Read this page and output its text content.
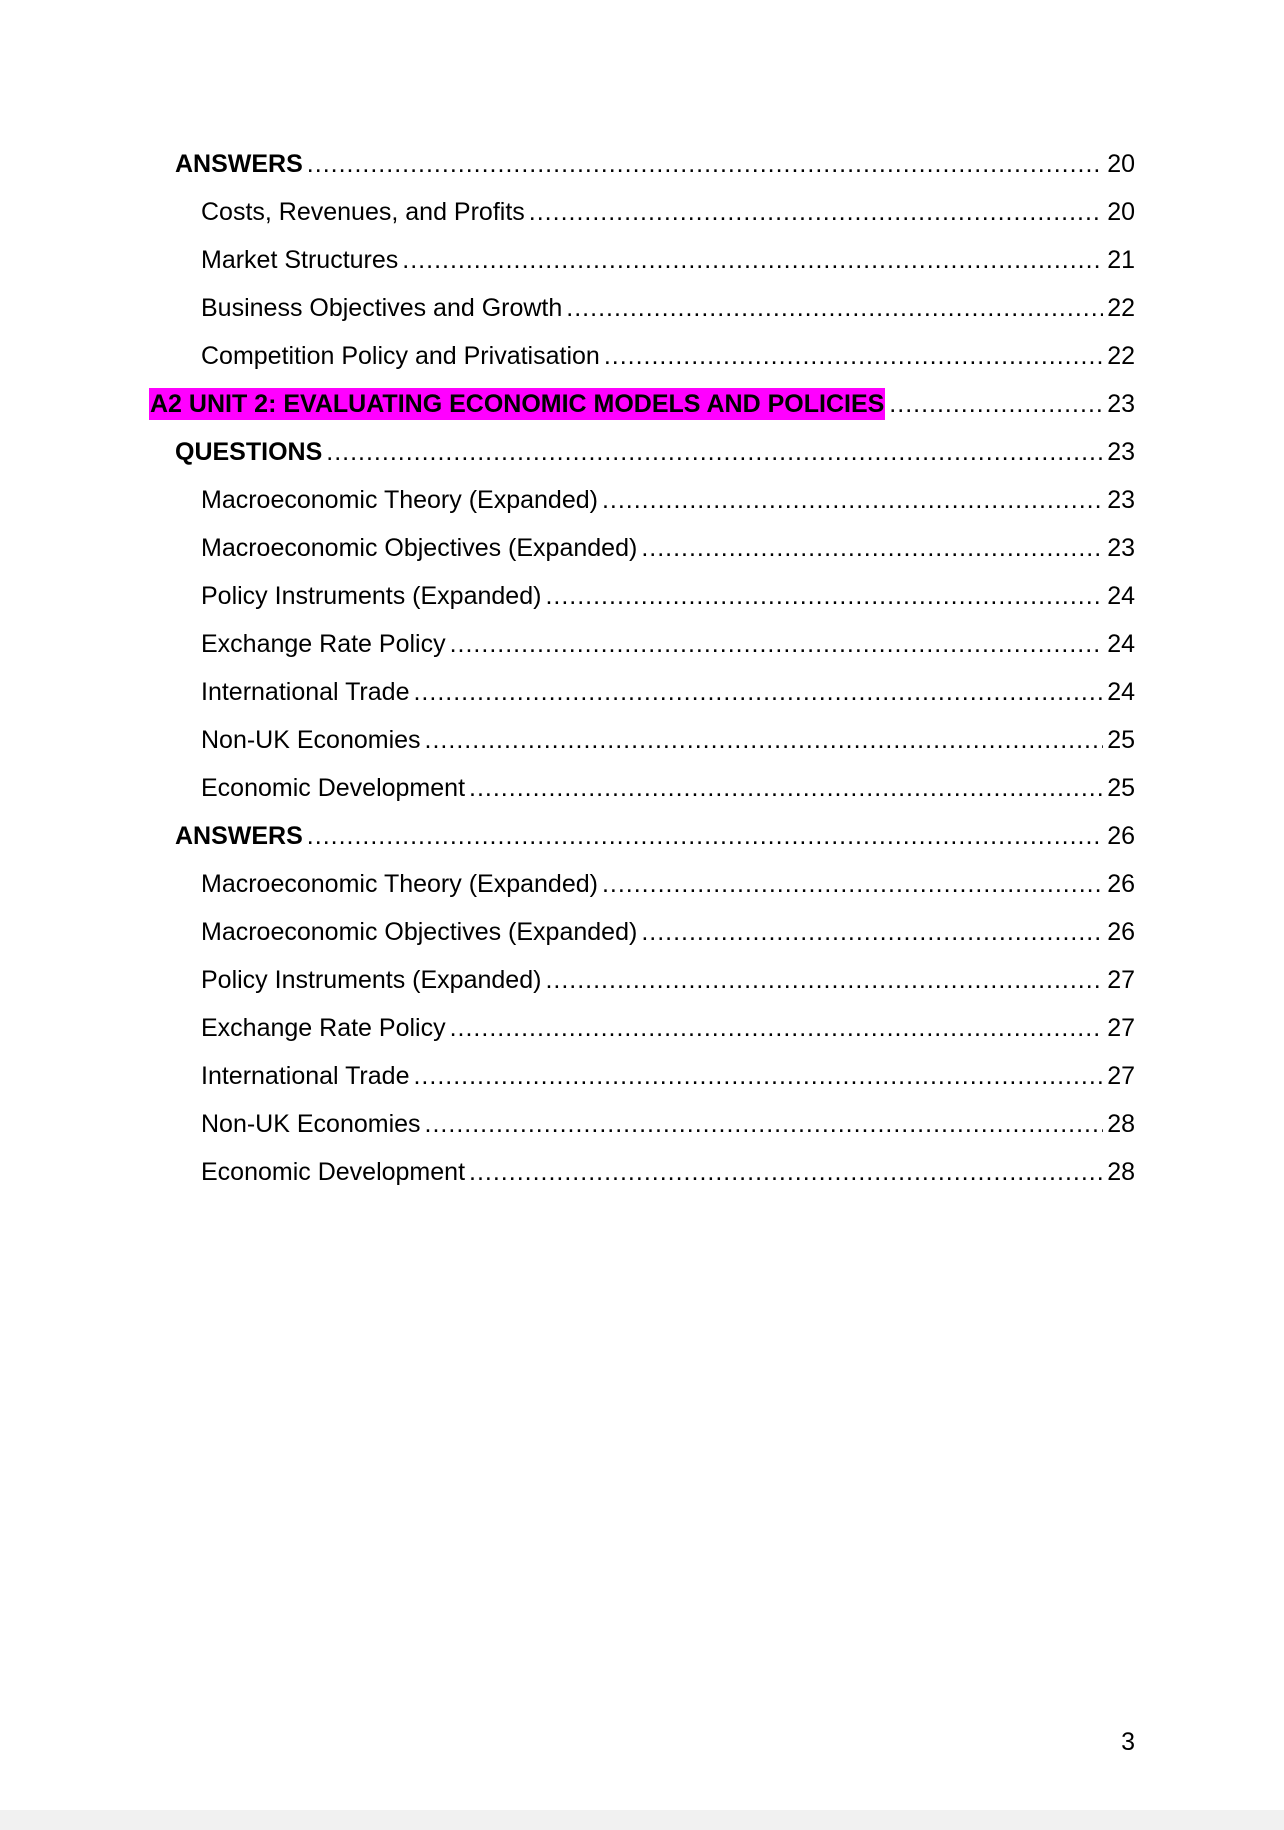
ANSWERS .....	20
Costs, Revenues, and Profits .....	20
Market Structures .....	21
Business Objectives and Growth .....	22
Competition Policy and Privatisation .....	22
A2 UNIT 2: EVALUATING ECONOMIC MODELS AND POLICIES .....	23
QUESTIONS .....	23
Macroeconomic Theory (Expanded) .....	23
Macroeconomic Objectives (Expanded) .....	23
Policy Instruments (Expanded) .....	24
Exchange Rate Policy .....	24
International Trade .....	24
Non-UK Economies .....	25
Economic Development .....	25
ANSWERS .....	26
Macroeconomic Theory (Expanded) .....	26
Macroeconomic Objectives (Expanded) .....	26
Policy Instruments (Expanded) .....	27
Exchange Rate Policy .....	27
International Trade .....	27
Non-UK Economies .....	28
Economic Development .....	28
3
